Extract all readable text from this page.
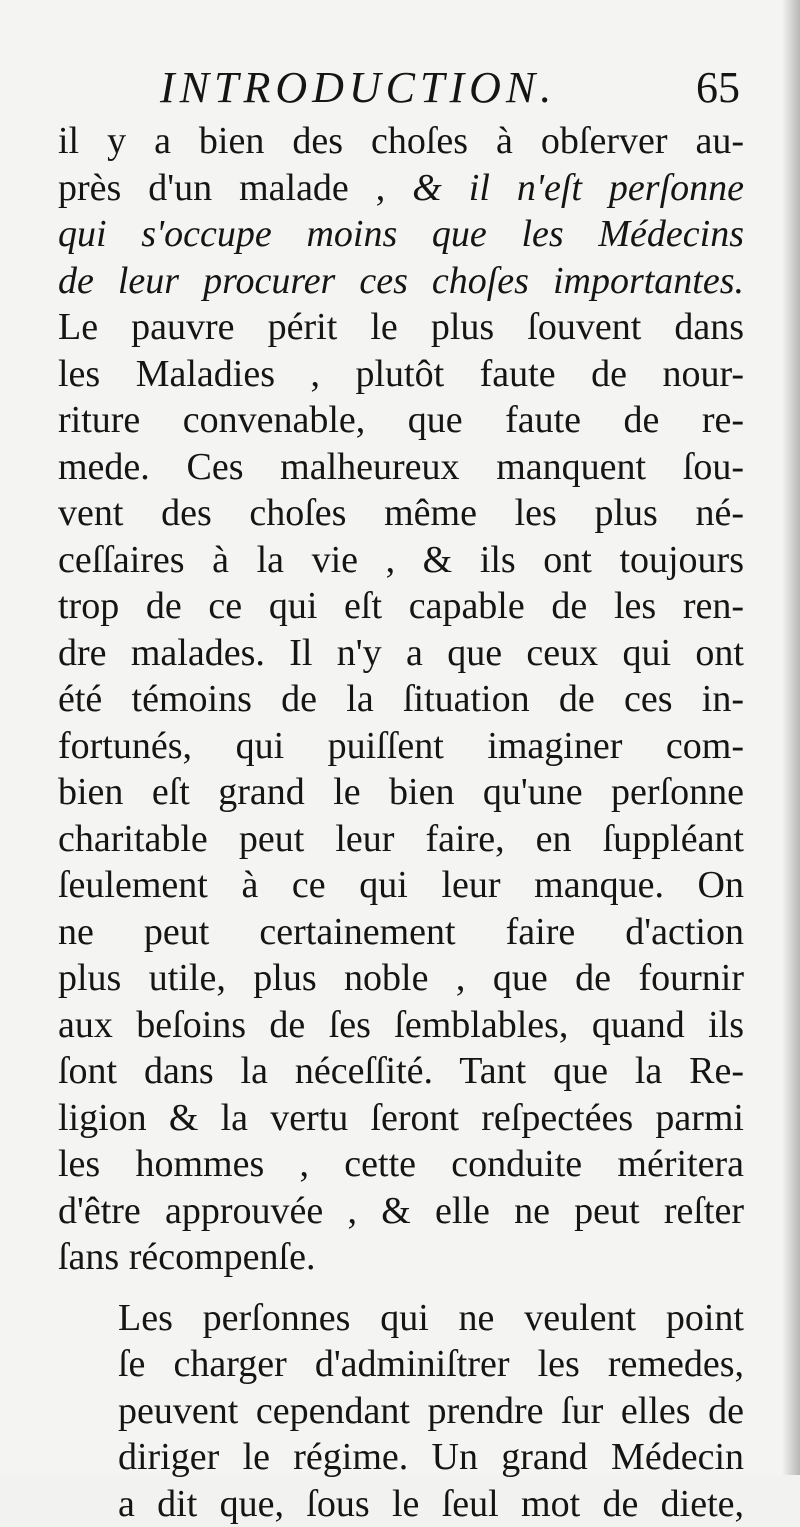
INTRODUCTION.	65
il y a bien des choſes à obſerver au-
près d'un malade , & il n'eſt perſonne
qui s'occupe moins que les Médecins
de leur procurer ces choſes importantes.
Le pauvre périt le plus ſouvent dans
les Maladies , plutôt faute de nour-
riture convenable, que faute de re-
mede. Ces malheureux manquent ſou-
vent des choſes même les plus né-
ceſſaires à la vie , & ils ont toujours
trop de ce qui eſt capable de les ren-
dre malades. Il n'y a que ceux qui ont
été témoins de la ſituation de ces in-
fortunés, qui puiſſent imaginer com-
bien eſt grand le bien qu'une perſonne
charitable peut leur faire, en ſuppléant
ſeulement à ce qui leur manque. On
ne peut certainement faire d'action
plus utile, plus noble , que de fournir
aux beſoins de ſes ſemblables, quand ils
ſont dans la néceſſité. Tant que la Re-
ligion & la vertu ſeront reſpectées parmi
les hommes , cette conduite méritera
d'être approuvée , & elle ne peut reſter
ſans récompenſe.
Les perſonnes qui ne veulent point
ſe charger d'adminiſtrer les remedes,
peuvent cependant prendre ſur elles de
diriger le régime. Un grand Médecin
a dit que, ſous le ſeul mot de diete,
